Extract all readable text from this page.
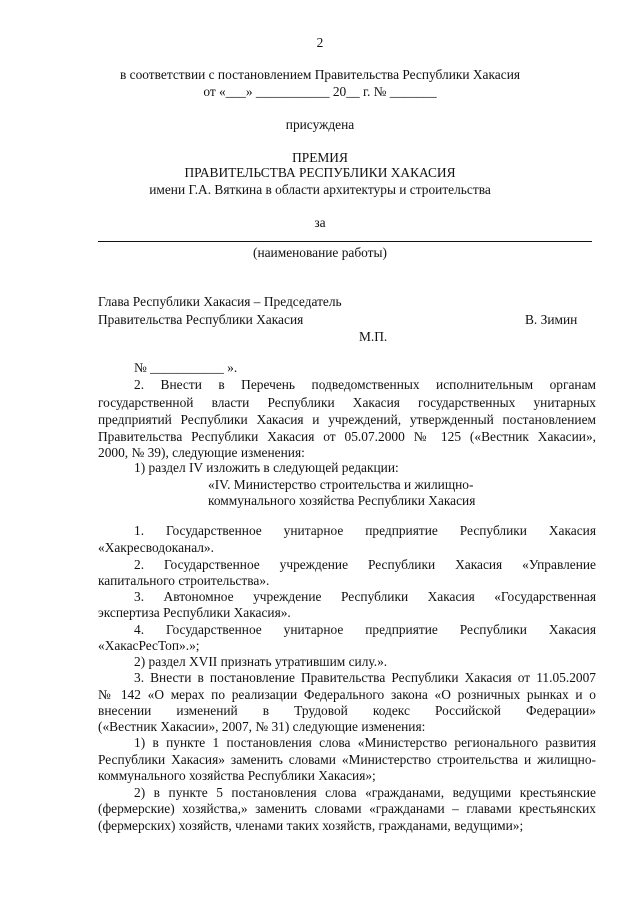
2
в соответствии с постановлением Правительства Республики Хакасия
от «___» ___________ 20__ г. № _______
присуждена
ПРЕМИЯ
ПРАВИТЕЛЬСТВА РЕСПУБЛИКИ ХАКАСИЯ
имени Г.А. Вяткина в области архитектуры и строительства
за
(наименование работы)
Глава Республики Хакасия – Председатель
Правительства Республики Хакасия	В. Зимин
М.П.
№ ___________ ».
2. Внести в Перечень подведомственных исполнительным органам
государственной власти Республики Хакасия государственных унитарных
предприятий Республики Хакасия и учреждений, утвержденный постановлением
Правительства Республики Хакасия от 05.07.2000 № 125 («Вестник Хакасии»,
2000, № 39), следующие изменения:
1) раздел IV изложить в следующей редакции:
«IV. Министерство строительства и жилищно-
коммунального хозяйства Республики Хакасия
1. Государственное унитарное предприятие Республики Хакасия
«Хакресводоканал».
2. Государственное учреждение Республики Хакасия «Управление
капитального строительства».
3. Автономное учреждение Республики Хакасия «Государственная
экспертиза Республики Хакасия».
4. Государственное унитарное предприятие Республики Хакасия
«ХакасРесТоп».»;
2) раздел XVII признать утратившим силу.».
3. Внести в постановление Правительства Республики Хакасия от 11.05.2007
№ 142 «О мерах по реализации Федерального закона «О розничных рынках и о
внесении изменений в Трудовой кодекс Российской Федерации»
(«Вестник Хакасии», 2007, № 31) следующие изменения:
1) в пункте 1 постановления слова «Министерство регионального развития
Республики Хакасия» заменить словами «Министерство строительства и жилищно-
коммунального хозяйства Республики Хакасия»;
2) в пункте 5 постановления слова «гражданами, ведущими крестьянские
(фермерские) хозяйства,» заменить словами «гражданами – главами крестьянских
(фермерских) хозяйств, членами таких хозяйств, гражданами, ведущими»;
